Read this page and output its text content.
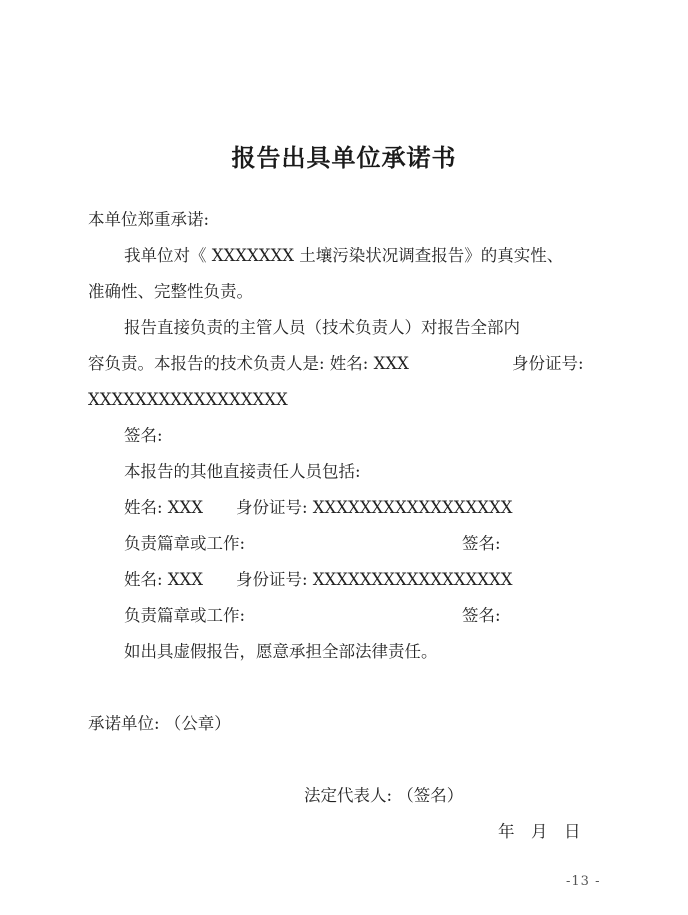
报告出具单位承诺书
本单位郑重承诺:
我单位对《 XXXXXXX 土壤污染状况调查报告》的真实性、
准确性、完整性负责。
报告直接负责的主管人员（技术负责人）对报告全部内
容负责。本报告的技术负责人是: 姓名: XXX	身份证号:
XXXXXXXXXXXXXXXXX
签名:
本报告的其他直接责任人员包括:
姓名: XXX 身份证号: XXXXXXXXXXXXXXXXX
负责篇章或工作:	签名:
姓名: XXX 身份证号: XXXXXXXXXXXXXXXXX
负责篇章或工作:	签名:
如出具虚假报告，愿意承担全部法律责任。
承诺单位: （公章）
法定代表人: （签名）
年　月　日
-13 -
